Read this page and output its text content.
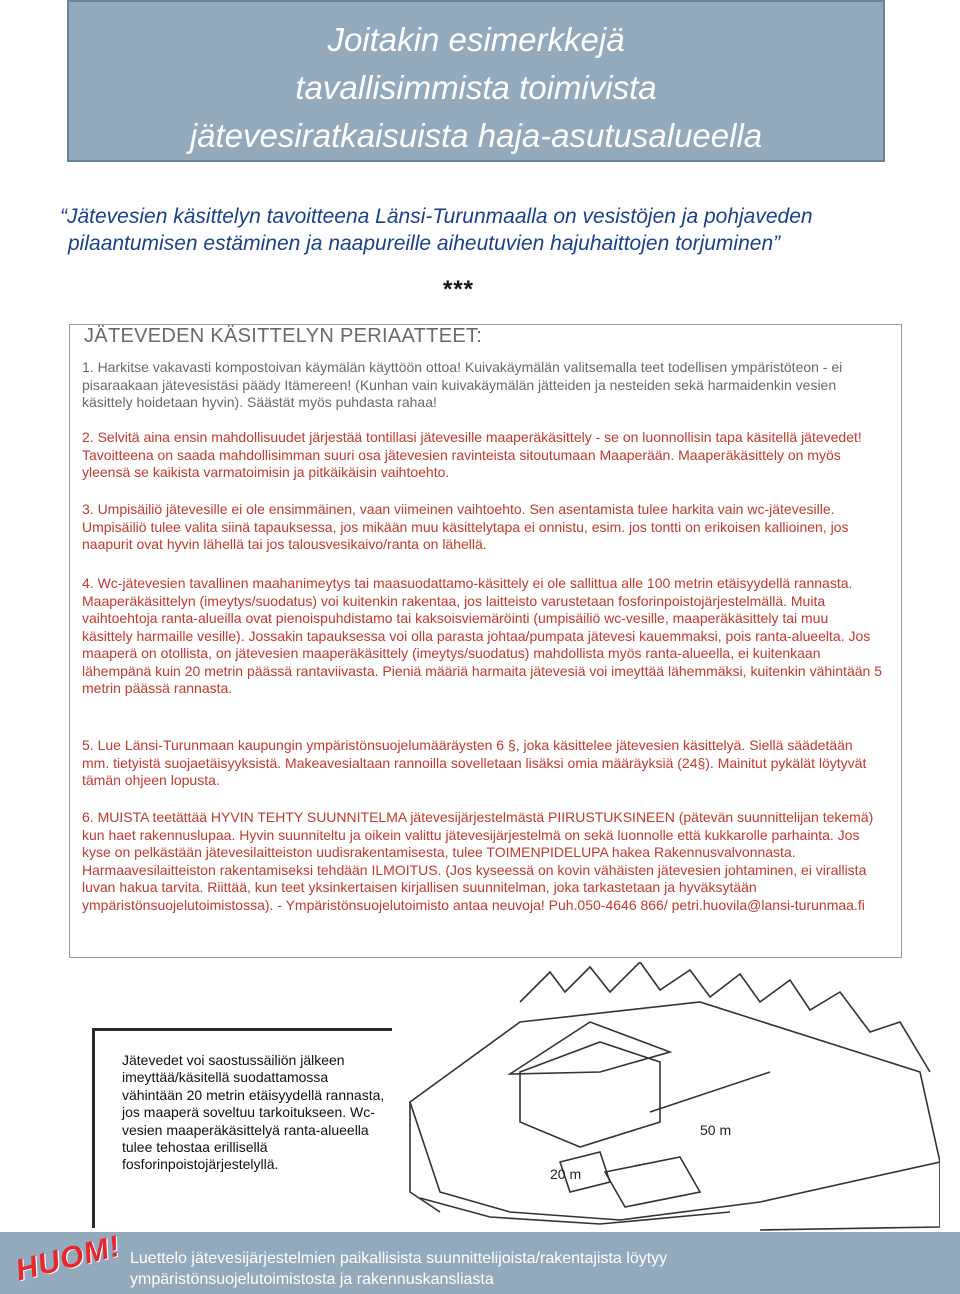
Joitakin esimerkkejä
tavallisimmista toimivista
jätevesiratkaisuista haja-asutusalueella
“Jätevesien käsittelyn tavoitteena Länsi-Turunmaalla on vesistöjen ja pohjaveden
pilaantumisen estäminen ja naapureille aiheutuvien hajuhaittojen torjuminen”
***
JÄTEVEDEN KÄSITTELYN PERIAATTEET:
1. Harkitse vakavasti kompostoivan käymälän käyttöön ottoa! Kuivakäymälän valitsemalla teet todellisen ympäristöteon - ei pisaraakaan jätevesistäsi päädy Itämereen! (Kunhan vain kuivakäymälän jätteiden ja nesteiden sekä harmaidenkin vesien käsittely hoidetaan hyvin). Säästät myös puhdasta rahaa!
2. Selvitä aina ensin mahdollisuudet järjestää tontillasi jätevesille maaperäkäsittely - se on luonnollisin tapa käsitellä jätevedet! Tavoitteena on saada mahdollisimman suuri osa jätevesien ravinteista sitoutumaan Maaperään. Maaperäkäsittely on myös yleensä se kaikista varmatoimisin ja pitkäikäisin vaihtoehto.
3. Umpisäiliö jätevesille ei ole ensimmäinen, vaan viimeinen vaihtoehto. Sen asentamista tulee harkita vain wc-jätevesille. Umpisäiliö tulee valita siinä tapauksessa, jos mikään muu käsittelytapa ei onnistu, esim. jos tontti on erikoisen kallioinen, jos naapurit ovat hyvin lähellä tai jos talousvesikaivo/ranta on lähellä.
4. Wc-jätevesien tavallinen maahanimeytys tai maasuodattamo-käsittely ei ole sallittua alle 100 metrin etäisyydellä rannasta. Maaperäkäsittelyn (imeytys/suodatus) voi kuitenkin rakentaa, jos laitteisto varustetaan fosforinpoistojärjestelmällä. Muita vaihtoehtoja ranta-alueilla ovat pienoispuhdistamo tai kaksoisviemäröinti (umpisäiliö wc-vesille, maaperäkäsittely tai muu käsittely harmaille vesille). Jossakin tapauksessa voi olla parasta johtaa/pumpata jätevesi kauemmaksi, pois ranta-alueelta. Jos maaperä on otollista, on jätevesien maaperäkäsittely (imeytys/suodatus) mahdollista myös ranta-alueella, ei kuitenkaan lähempänä kuin 20 metrin päässä rantaviivasta. Pieniä määriä harmaita jätevesiä voi imeyttää lähemmäksi, kuitenkin vähintään 5 metrin päässä rannasta.
5. Lue Länsi-Turunmaan kaupungin ympäristönsuojelumääräysten 6 §, joka käsittelee jätevesien käsittelyä. Siellä säädetään mm. tietyistä suojaetäisyyksistä. Makeavesialtaan rannoilla sovelletaan lisäksi omia määräyksiä (24§). Mainitut pykälät löytyvät tämän ohjeen lopusta.
6. MUISTA teetättää HYVIN TEHTY SUUNNITELMA jätevesijärjestelmästä PIIRUSTUKSINEEN (pätevän suunnittelijan tekemä) kun haet rakennuslupaa. Hyvin suunniteltu ja oikein valittu jätevesijärjestelmä on sekä luonnolle että kukkarolle parhainta. Jos kyse on pelkästään jätevesilaitteiston uudisrakentamisesta, tulee TOIMENPIDELUPA hakea Rakennusvalvonnasta. Harmaavesilaitteiston rakentamiseksi tehdään ILMOITUS. (Jos kyseessä on kovin vähäisten jätevesien johtaminen, ei virallista luvan hakua tarvita. Riittää, kun teet yksinkertaisen kirjallisen suunnitelman, joka tarkastetaan ja hyväksytään ympäristönsuojelutoimistossa). - Ympäristönsuojelutoimisto antaa neuvoja! Puh.050-4646 866/ petri.huovila@lansi-turunmaa.fi
50 m
20 m
Jätevedet voi saostussäiliön jälkeen imeyttää/käsitellä suodattamossa vähintään 20 metrin etäisyydellä rannasta, jos maaperä soveltuu tarkoitukseen. Wc-vesien maaperäkäsittelyä ranta-alueella tulee tehostaa erillisellä fosforinpoistojärjestelyllä.
HUOM! Luettelo jätevesijärjestelmien paikallisista suunnittelijoista/rakentajista löytyy
ympäristönsuojelutoimistosta ja rakennuskansliasta
